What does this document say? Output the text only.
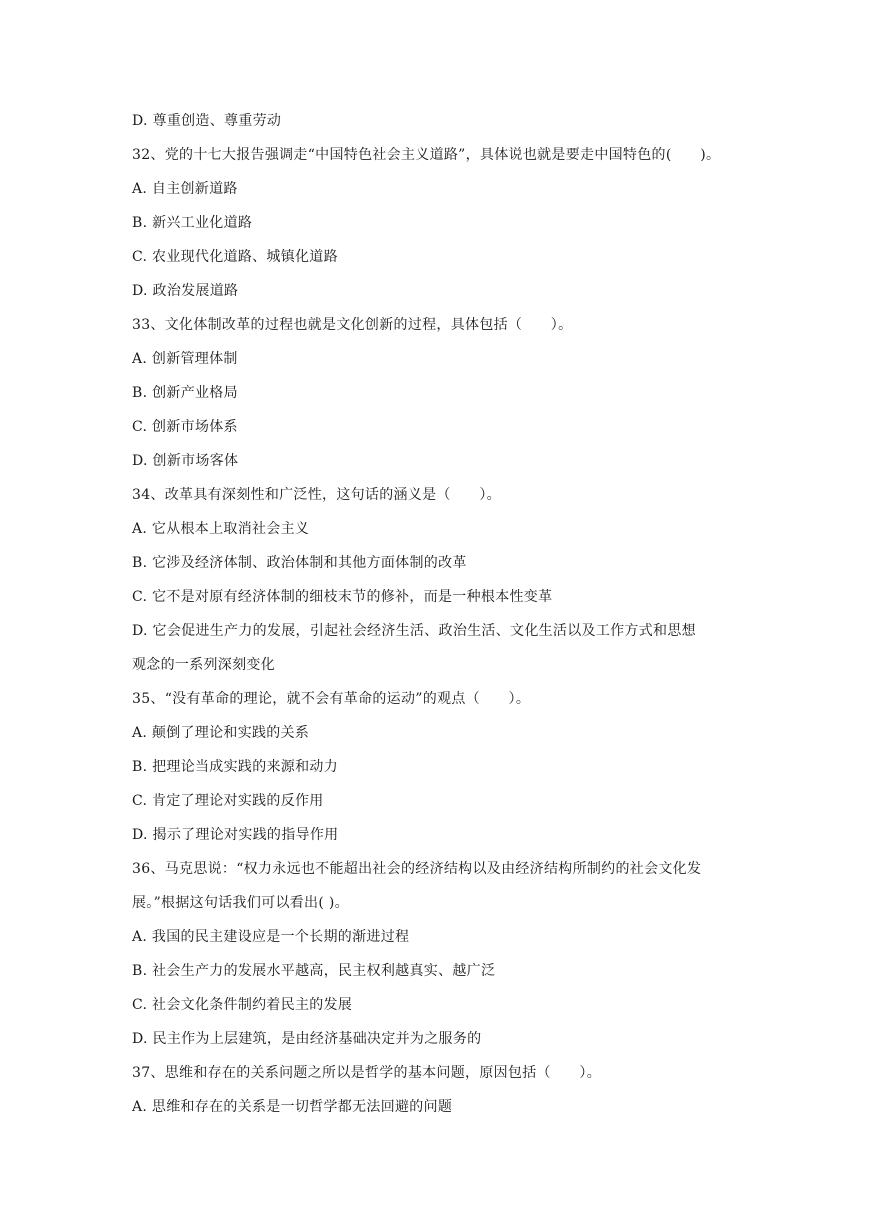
D. 尊重创造、尊重劳动
32、党的十七大报告强调走“中国特色社会主义道路”，具体说也就是要走中国特色的(　　)。
A. 自主创新道路
B. 新兴工业化道路
C. 农业现代化道路、城镇化道路
D. 政治发展道路
33、文化体制改革的过程也就是文化创新的过程，具体包括（　　）。
A. 创新管理体制
B. 创新产业格局
C. 创新市场体系
D. 创新市场客体
34、改革具有深刻性和广泛性，这句话的涵义是（　　）。
A. 它从根本上取消社会主义
B. 它涉及经济体制、政治体制和其他方面体制的改革
C. 它不是对原有经济体制的细枝末节的修补，而是一种根本性变革
D. 它会促进生产力的发展，引起社会经济生活、政治生活、文化生活以及工作方式和思想
观念的一系列深刻变化
35、“没有革命的理论，就不会有革命的运动”的观点（　　）。
A. 颠倒了理论和实践的关系
B. 把理论当成实践的来源和动力
C. 肯定了理论对实践的反作用
D. 揭示了理论对实践的指导作用
36、马克思说：“权力永远也不能超出社会的经济结构以及由经济结构所制约的社会文化发
展。”根据这句话我们可以看出( )。
A. 我国的民主建设应是一个长期的渐进过程
B. 社会生产力的发展水平越高，民主权利越真实、越广泛
C. 社会文化条件制约着民主的发展
D. 民主作为上层建筑，是由经济基础决定并为之服务的
37、思维和存在的关系问题之所以是哲学的基本问题，原因包括（　　）。
A. 思维和存在的关系是一切哲学都无法回避的问题
